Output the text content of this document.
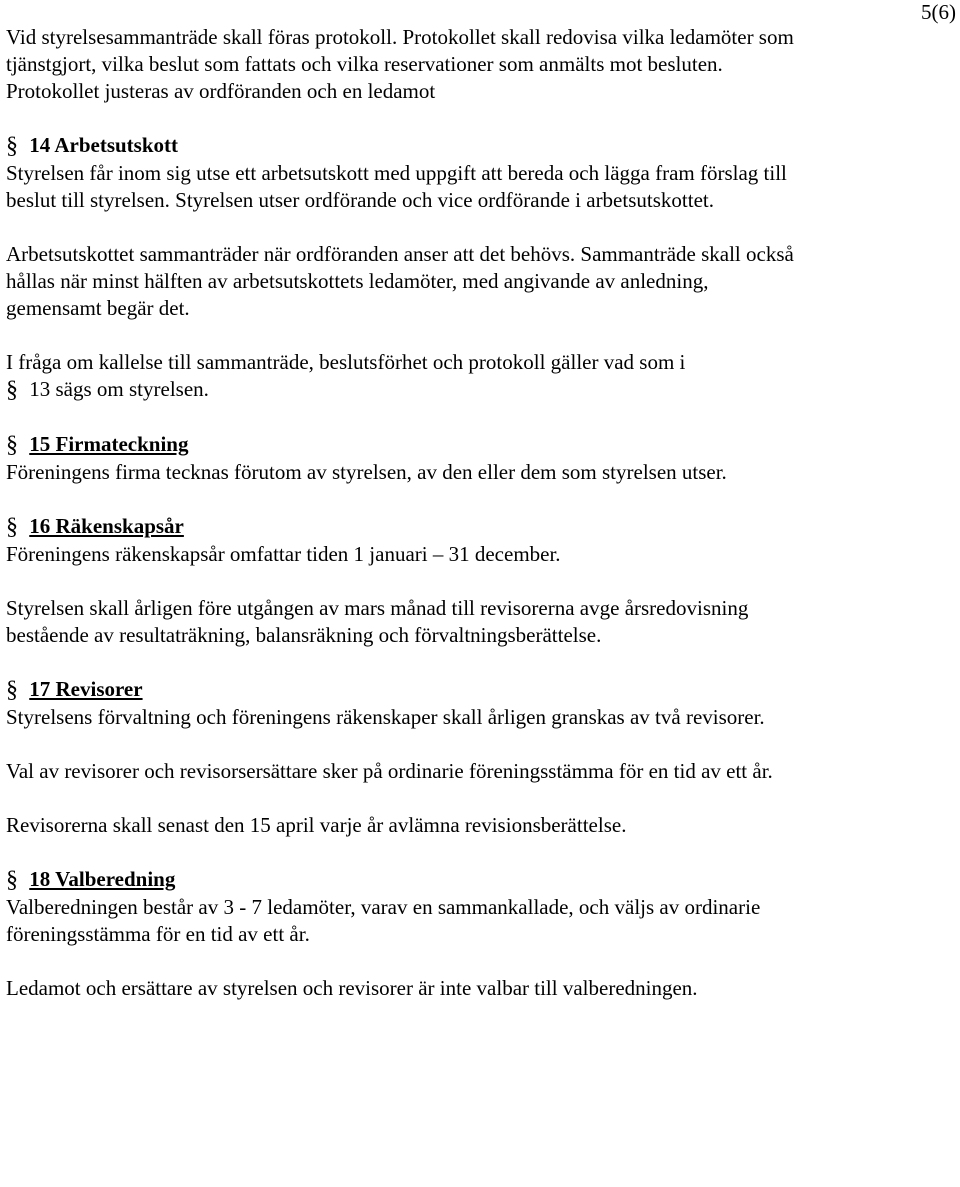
5(6)

Vid styrelsesammanträde skall föras protokoll. Protokollet skall redovisa vilka ledamöter som tjänstgjort, vilka beslut som fattats och vilka reservationer som anmälts mot besluten. Protokollet justeras av ordföranden och en ledamot

§ 14 Arbetsutskott

Styrelsen får inom sig utse ett arbetsutskott med uppgift att bereda och lägga fram förslag till beslut till styrelsen. Styrelsen utser ordförande och vice ordförande i arbetsutskottet.

Arbetsutskottet sammanträder när ordföranden anser att det behövs. Sammanträde skall också hållas när minst hälften av arbetsutskottets ledamöter, med angivande av anledning, gemensamt begär det.

I fråga om kallelse till sammanträde, beslutsförhet och protokoll gäller vad som i

§ 13 sägs om styrelsen.

§ 15 Firmateckning

Föreningens firma tecknas förutom av styrelsen, av den eller dem som styrelsen utser.

§ 16 Räkenskapsår

Föreningens räkenskapsår omfattar tiden 1 januari – 31 december.

Styrelsen skall årligen före utgången av mars månad till revisorerna avge årsredovisning bestående av resultaträkning, balansräkning och förvaltningsberättelse.

§ 17 Revisorer

Styrelsens förvaltning och föreningens räkenskaper skall årligen granskas av två revisorer.

Val av revisorer och revisorsersättare sker på ordinarie föreningsstämma för en tid av ett år.

Revisorerna skall senast den 15 april varje år avlämna revisionsberättelse.

§ 18 Valberedning

Valberedningen består av 3 - 7 ledamöter, varav en sammankallade, och väljs av ordinarie föreningsstämma för en tid av ett år.

Ledamot och ersättare av styrelsen och revisorer är inte valbar till valberedningen.
